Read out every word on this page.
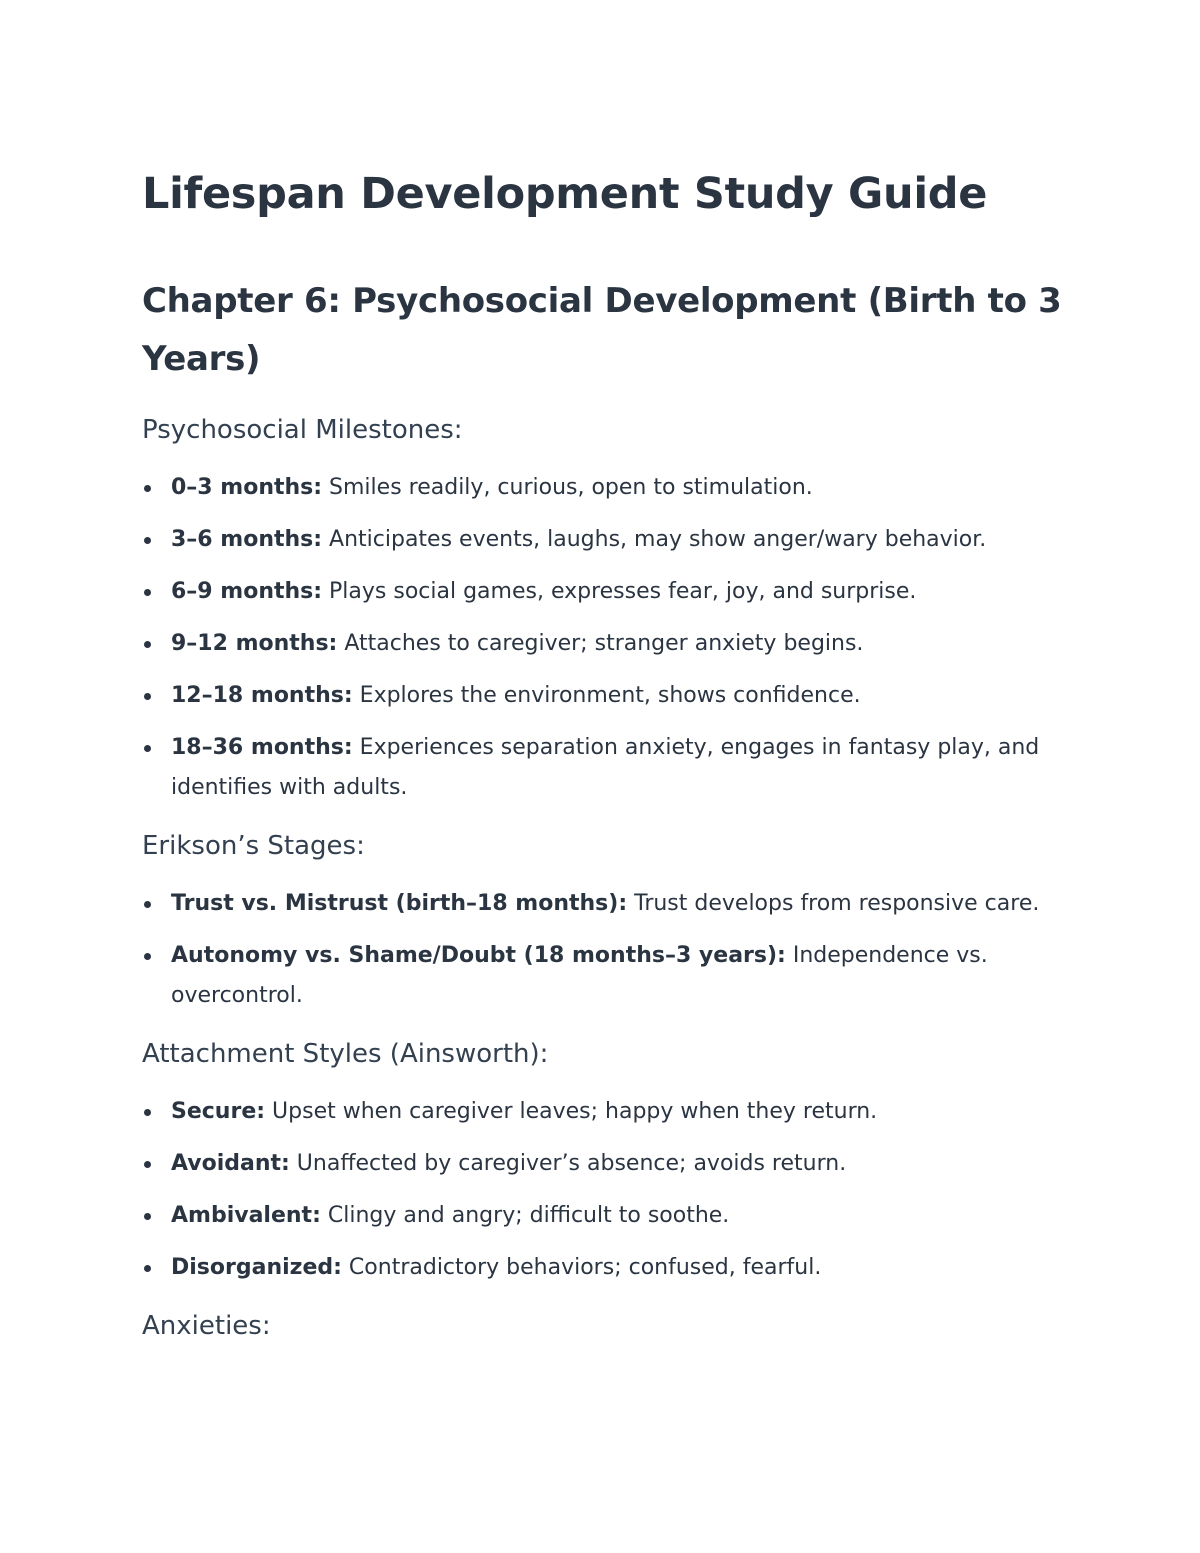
Lifespan Development Study Guide
Chapter 6: Psychosocial Development (Birth to 3 Years)
Psychosocial Milestones:
0–3 months: Smiles readily, curious, open to stimulation.
3–6 months: Anticipates events, laughs, may show anger/wary behavior.
6–9 months: Plays social games, expresses fear, joy, and surprise.
9–12 months: Attaches to caregiver; stranger anxiety begins.
12–18 months: Explores the environment, shows confidence.
18–36 months: Experiences separation anxiety, engages in fantasy play, and identifies with adults.
Erikson’s Stages:
Trust vs. Mistrust (birth–18 months): Trust develops from responsive care.
Autonomy vs. Shame/Doubt (18 months–3 years): Independence vs. overcontrol.
Attachment Styles (Ainsworth):
Secure: Upset when caregiver leaves; happy when they return.
Avoidant: Unaffected by caregiver’s absence; avoids return.
Ambivalent: Clingy and angry; difficult to soothe.
Disorganized: Contradictory behaviors; confused, fearful.
Anxieties:
